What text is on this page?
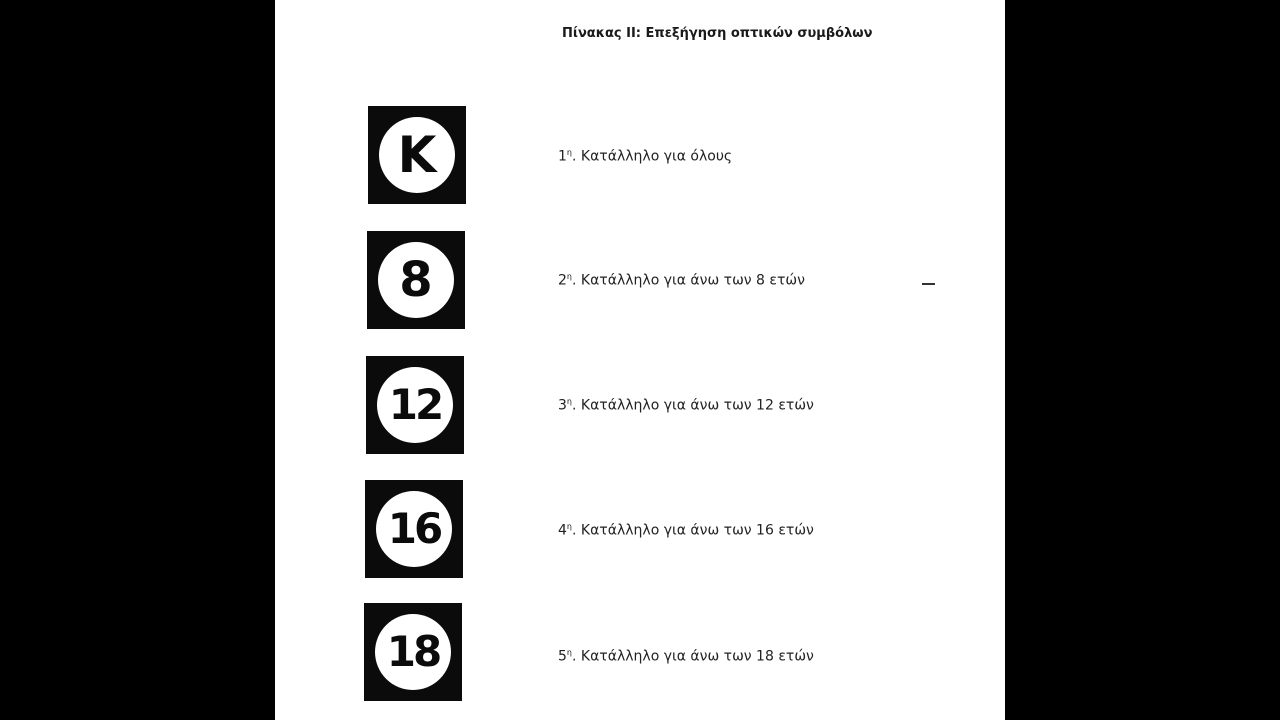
Πίνακας II: Επεξήγηση οπτικών συμβόλων
K	$1^\eta$. Κατάλληλο για όλους
8	$2^\eta$. Κατάλληλο για άνω των 8 ετών
12	$3^\eta$. Κατάλληλο για άνω των 12 ετών
16	$4^\eta$. Κατάλληλο για άνω των 16 ετών
18	$5^\eta$. Κατάλληλο για άνω των 18 ετών
